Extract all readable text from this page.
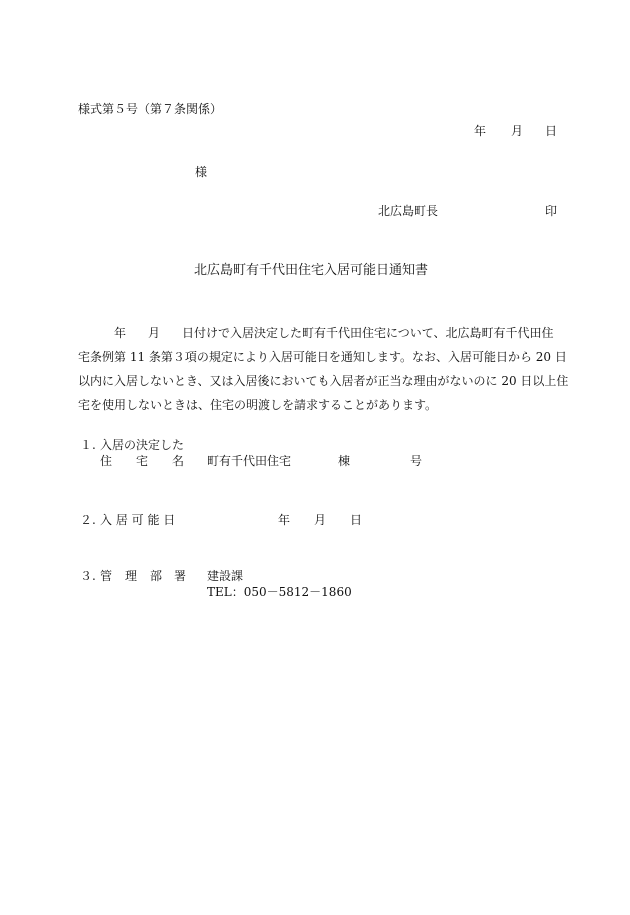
様式第５号（第７条関係）
年 月 日
様
北広島町長	印
北広島町有千代田住宅入居可能日通知書
年 月 日付けで入居決定した町有千代田住宅について、北広島町有千代田住
宅条例第 11 条第３項の規定により入居可能日を通知します。なお、入居可能日から 20 日
以内に入居しないとき、又は入居後においても入居者が正当な理由がないのに 20 日以上住
宅を使用しないときは、住宅の明渡しを請求することがあります。
１. 入居の決定した
住 宅 名 町有千代田住宅	棟	号
２. 入 居 可 能 日	年 月 日
３. 管 理 部 署 建設課
TEL：050－5812－1860
